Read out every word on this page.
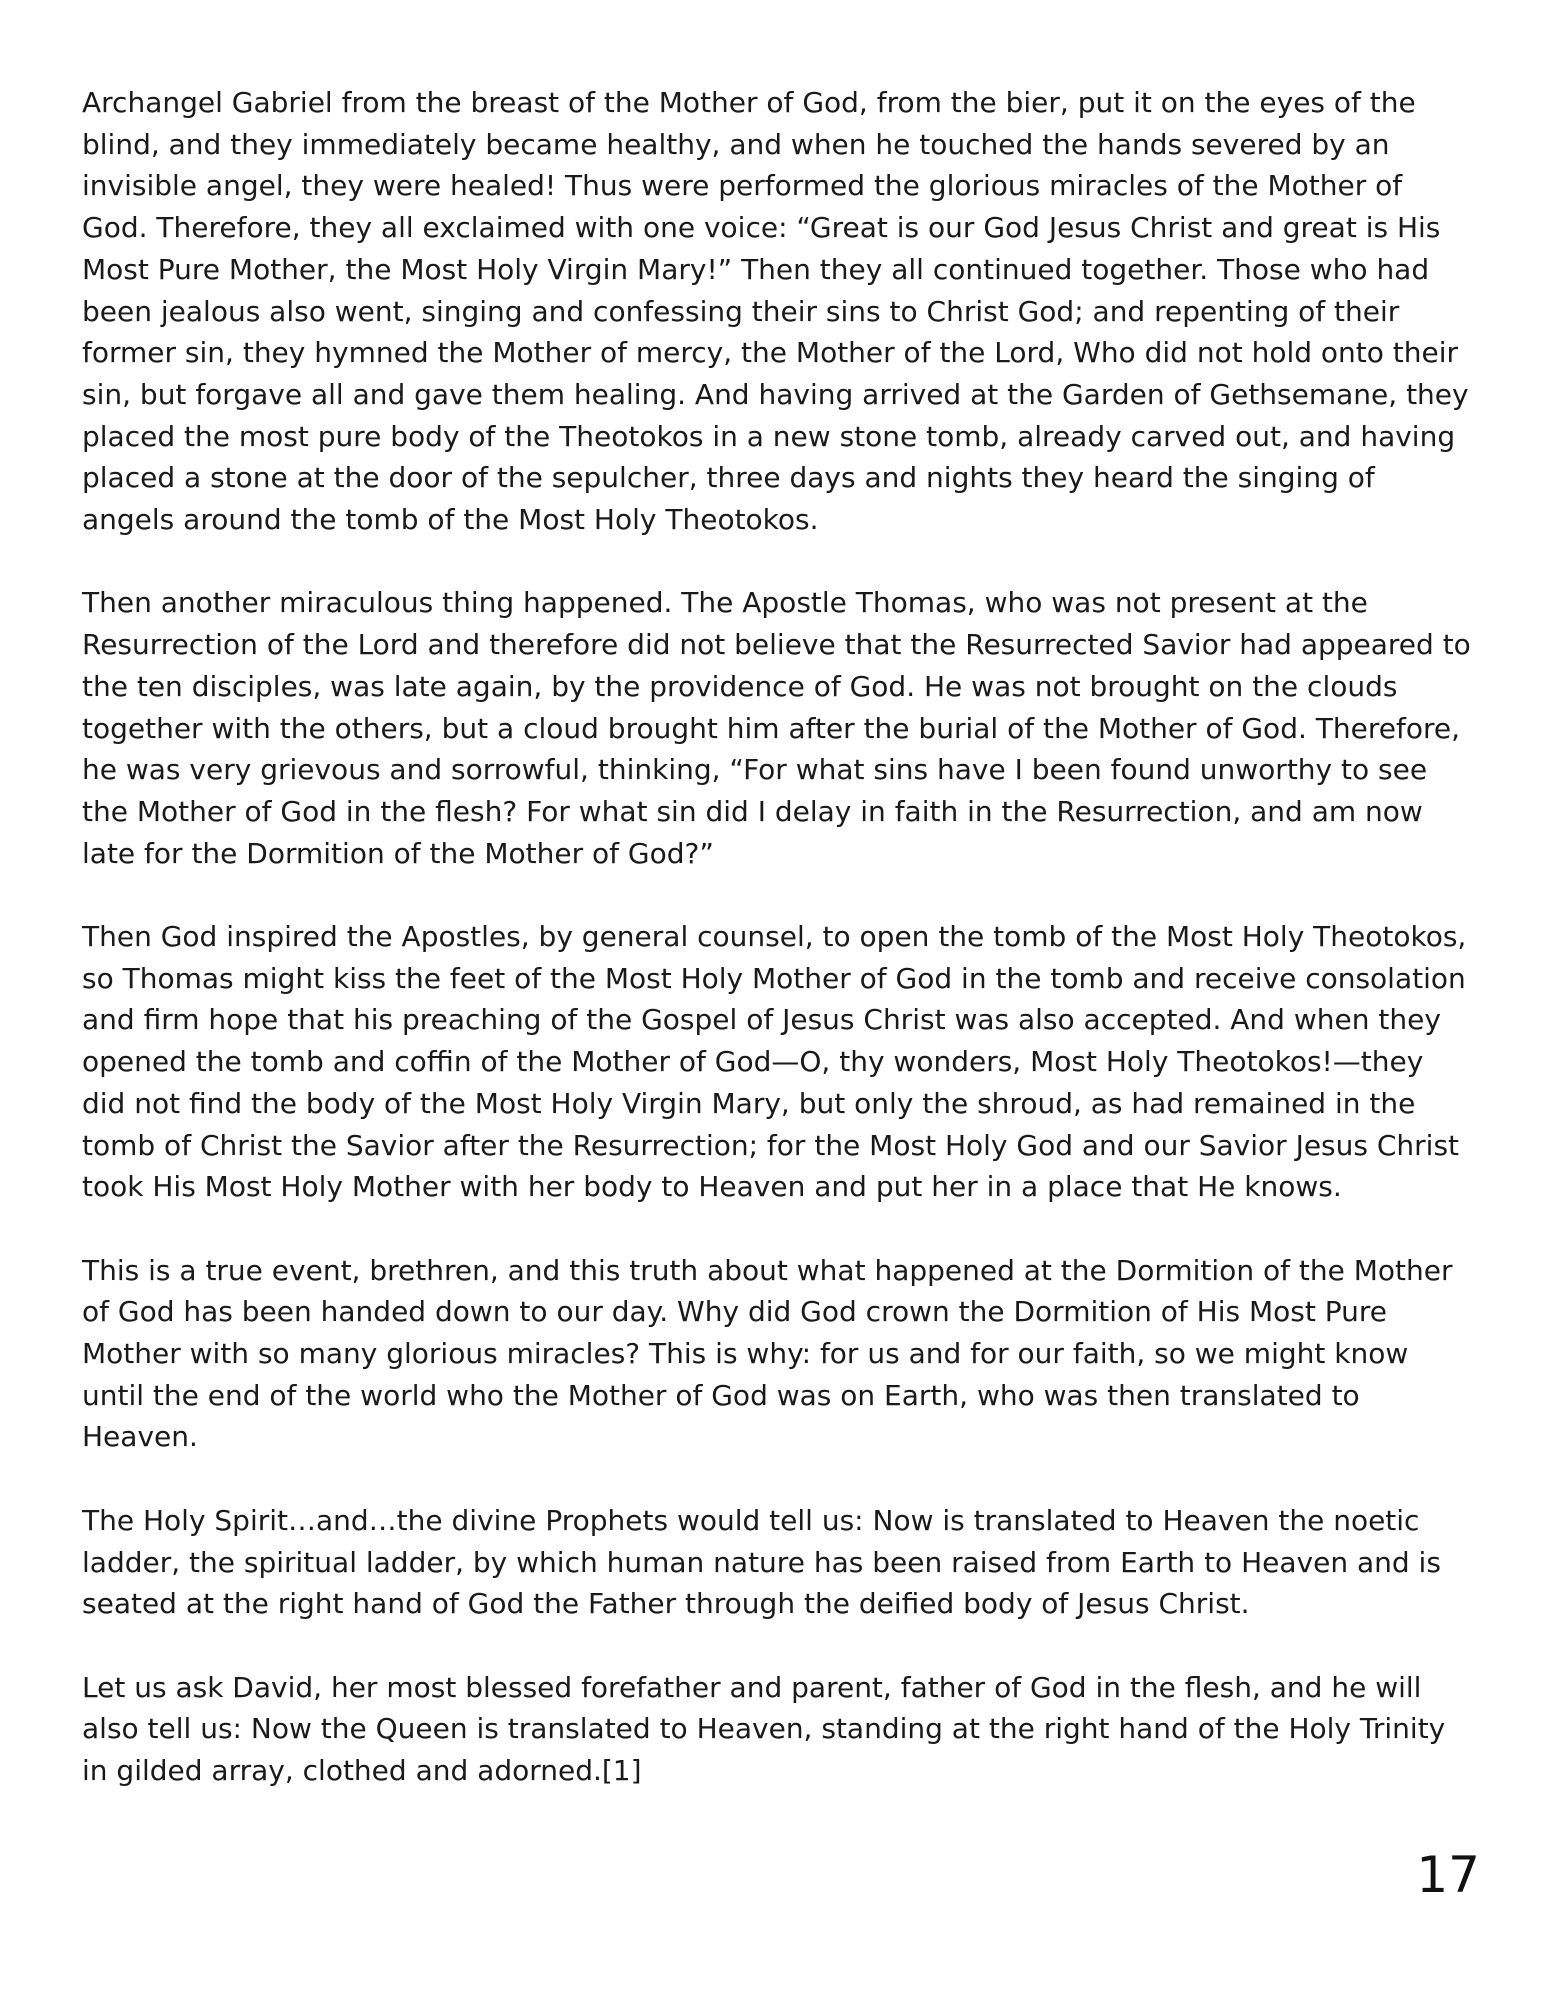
Archangel Gabriel from the breast of the Mother of God, from the bier, put it on the eyes of the blind, and they immediately became healthy, and when he touched the hands severed by an invisible angel, they were healed! Thus were performed the glorious miracles of the Mother of God. Therefore, they all exclaimed with one voice: “Great is our God Jesus Christ and great is His Most Pure Mother, the Most Holy Virgin Mary!” Then they all continued together. Those who had been jealous also went, singing and confessing their sins to Christ God; and repenting of their former sin, they hymned the Mother of mercy, the Mother of the Lord, Who did not hold onto their sin, but forgave all and gave them healing. And having arrived at the Garden of Gethsemane, they placed the most pure body of the Theotokos in a new stone tomb, already carved out, and having placed a stone at the door of the sepulcher, three days and nights they heard the singing of angels around the tomb of the Most Holy Theotokos.

Then another miraculous thing happened. The Apostle Thomas, who was not present at the Resurrection of the Lord and therefore did not believe that the Resurrected Savior had appeared to the ten disciples, was late again, by the providence of God. He was not brought on the clouds together with the others, but a cloud brought him after the burial of the Mother of God. Therefore, he was very grievous and sorrowful, thinking, “For what sins have I been found unworthy to see the Mother of God in the flesh? For what sin did I delay in faith in the Resurrection, and am now late for the Dormition of the Mother of God?”

Then God inspired the Apostles, by general counsel, to open the tomb of the Most Holy Theotokos, so Thomas might kiss the feet of the Most Holy Mother of God in the tomb and receive consolation and firm hope that his preaching of the Gospel of Jesus Christ was also accepted. And when they opened the tomb and coffin of the Mother of God—O, thy wonders, Most Holy Theotokos!—they did not find the body of the Most Holy Virgin Mary, but only the shroud, as had remained in the tomb of Christ the Savior after the Resurrection; for the Most Holy God and our Savior Jesus Christ took His Most Holy Mother with her body to Heaven and put her in a place that He knows.

This is a true event, brethren, and this truth about what happened at the Dormition of the Mother of God has been handed down to our day. Why did God crown the Dormition of His Most Pure Mother with so many glorious miracles? This is why: for us and for our faith, so we might know until the end of the world who the Mother of God was on Earth, who was then translated to Heaven.

The Holy Spirit…and…the divine Prophets would tell us: Now is translated to Heaven the noetic ladder, the spiritual ladder, by which human nature has been raised from Earth to Heaven and is seated at the right hand of God the Father through the deified body of Jesus Christ.

Let us ask David, her most blessed forefather and parent, father of God in the flesh, and he will also tell us: Now the Queen is translated to Heaven, standing at the right hand of the Holy Trinity in gilded array, clothed and adorned.[1]

17
